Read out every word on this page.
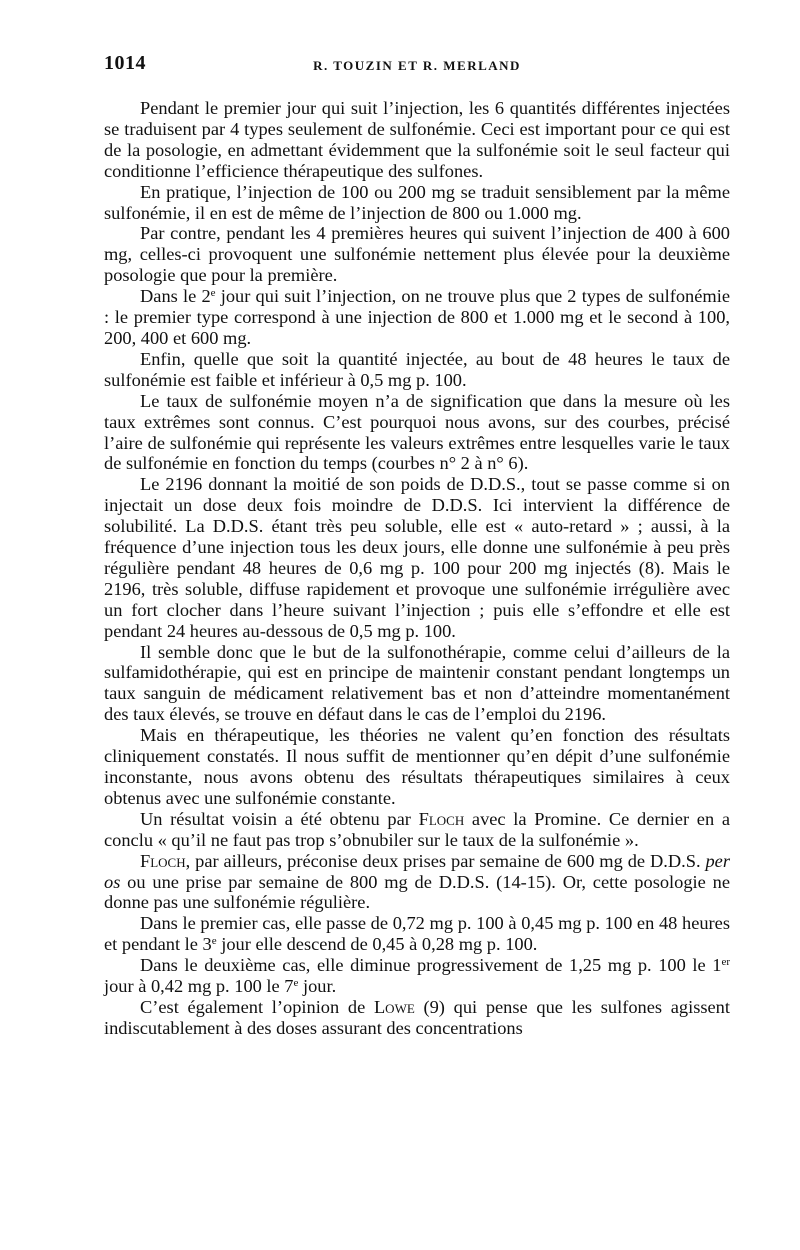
1014	R. TOUZIN ET R. MERLAND

Pendant le premier jour qui suit l’injection, les 6 quantités différentes injectées se traduisent par 4 types seulement de sulfonémie. Ceci est important pour ce qui est de la posologie, en admettant évidemment que la sulfonémie soit le seul facteur qui conditionne l’efficience thérapeutique des sulfones.

En pratique, l’injection de 100 ou 200 mg se traduit sensiblement par la même sulfonémie, il en est de même de l’injection de 800 ou 1.000 mg.

Par contre, pendant les 4 premières heures qui suivent l’injection de 400 à 600 mg, celles-ci provoquent une sulfonémie nettement plus élevée pour la deuxième posologie que pour la première.

Dans le 2e jour qui suit l’injection, on ne trouve plus que 2 types de sulfonémie : le premier type correspond à une injection de 800 et 1.000 mg et le second à 100, 200, 400 et 600 mg.

Enfin, quelle que soit la quantité injectée, au bout de 48 heures le taux de sulfonémie est faible et inférieur à 0,5 mg p. 100.

Le taux de sulfonémie moyen n’a de signification que dans la mesure où les taux extrêmes sont connus. C’est pourquoi nous avons, sur des courbes, précisé l’aire de sulfonémie qui représente les valeurs extrêmes entre lesquelles varie le taux de sulfonémie en fonction du temps (courbes n° 2 à n° 6).

Le 2196 donnant la moitié de son poids de D.D.S., tout se passe comme si on injectait un dose deux fois moindre de D.D.S. Ici intervient la différence de solubilité. La D.D.S. étant très peu soluble, elle est « auto-retard » ; aussi, à la fréquence d’une injection tous les deux jours, elle donne une sulfonémie à peu près régulière pendant 48 heures de 0,6 mg p. 100 pour 200 mg injectés (8). Mais le 2196, très soluble, diffuse rapidement et provoque une sulfonémie irrégulière avec un fort clocher dans l’heure suivant l’injection ; puis elle s’effondre et elle est pendant 24 heures au-dessous de 0,5 mg p. 100.

Il semble donc que le but de la sulfonothérapie, comme celui d’ailleurs de la sulfamidothérapie, qui est en principe de maintenir constant pendant longtemps un taux sanguin de médicament relativement bas et non d’atteindre momentanément des taux élevés, se trouve en défaut dans le cas de l’emploi du 2196.

Mais en thérapeutique, les théories ne valent qu’en fonction des résultats cliniquement constatés. Il nous suffit de mentionner qu’en dépit d’une sulfonémie inconstante, nous avons obtenu des résultats thérapeutiques similaires à ceux obtenus avec une sulfonémie constante.

Un résultat voisin a été obtenu par Floch avec la Promine. Ce dernier en a conclu « qu’il ne faut pas trop s’obnubiler sur le taux de la sulfonémie ».

Floch, par ailleurs, préconise deux prises par semaine de 600 mg de D.D.S. per os ou une prise par semaine de 800 mg de D.D.S. (14-15). Or, cette posologie ne donne pas une sulfonémie régulière.

Dans le premier cas, elle passe de 0,72 mg p. 100 à 0,45 mg p. 100 en 48 heures et pendant le 3e jour elle descend de 0,45 à 0,28 mg p. 100.

Dans le deuxième cas, elle diminue progressivement de 1,25 mg p. 100 le 1er jour à 0,42 mg p. 100 le 7e jour.

C’est également l’opinion de Lowe (9) qui pense que les sulfones agissent indiscutablement à des doses assurant des concentrations
